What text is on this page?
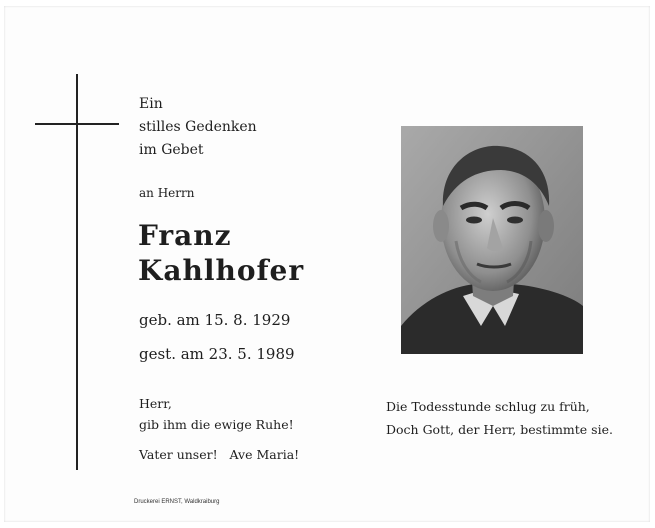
Ein
stilles Gedenken
im Gebet
an Herrn
Franz
Kahlhofer
geb. am 15. 8. 1929
gest. am 23. 5. 1989
Herr,
gib ihm die ewige Ruhe!
Vater unser!   Ave Maria!
Die Todesstunde schlug zu früh,
Doch Gott, der Herr, bestimmte sie.
Druckerei ERNST, Waldkraiburg
